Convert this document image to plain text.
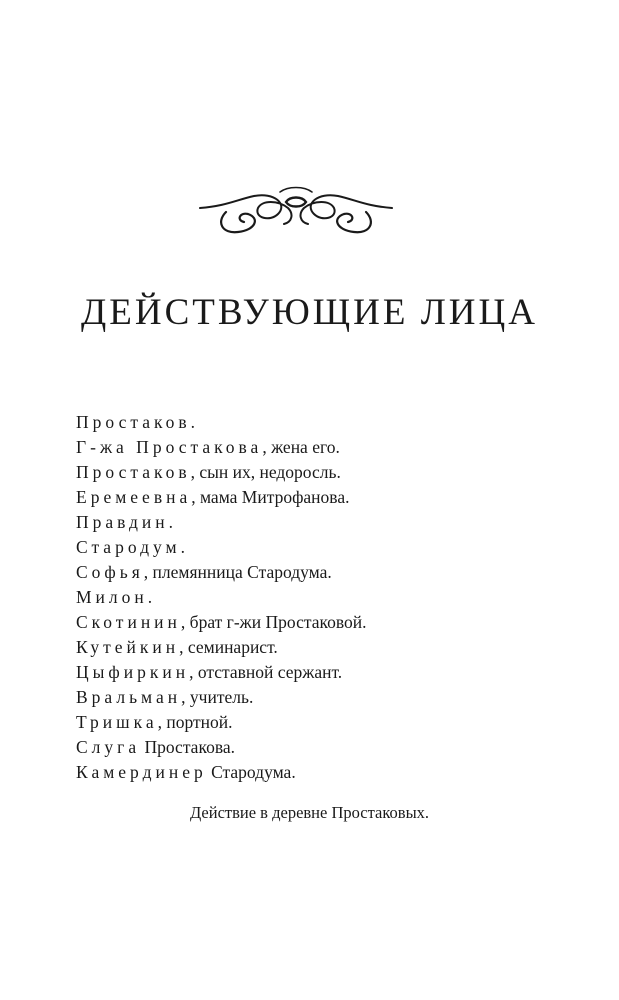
ДЕЙСТВУЮЩИЕ ЛИЦА
Простаков.
Г-жа Простакова, жена его.
Простаков, сын их, недоросль.
Еремеевна, мама Митрофанова.
Правдин.
Стародум.
Софья, племянница Стародума.
Милон.
Скотинин, брат г-жи Простаковой.
Кутейкин, семинарист.
Цыфиркин, отставной сержант.
Вральман, учитель.
Тришка, портной.
Слуга Простакова.
Камердинер Стародума.

Действие в деревне Простаковых.
